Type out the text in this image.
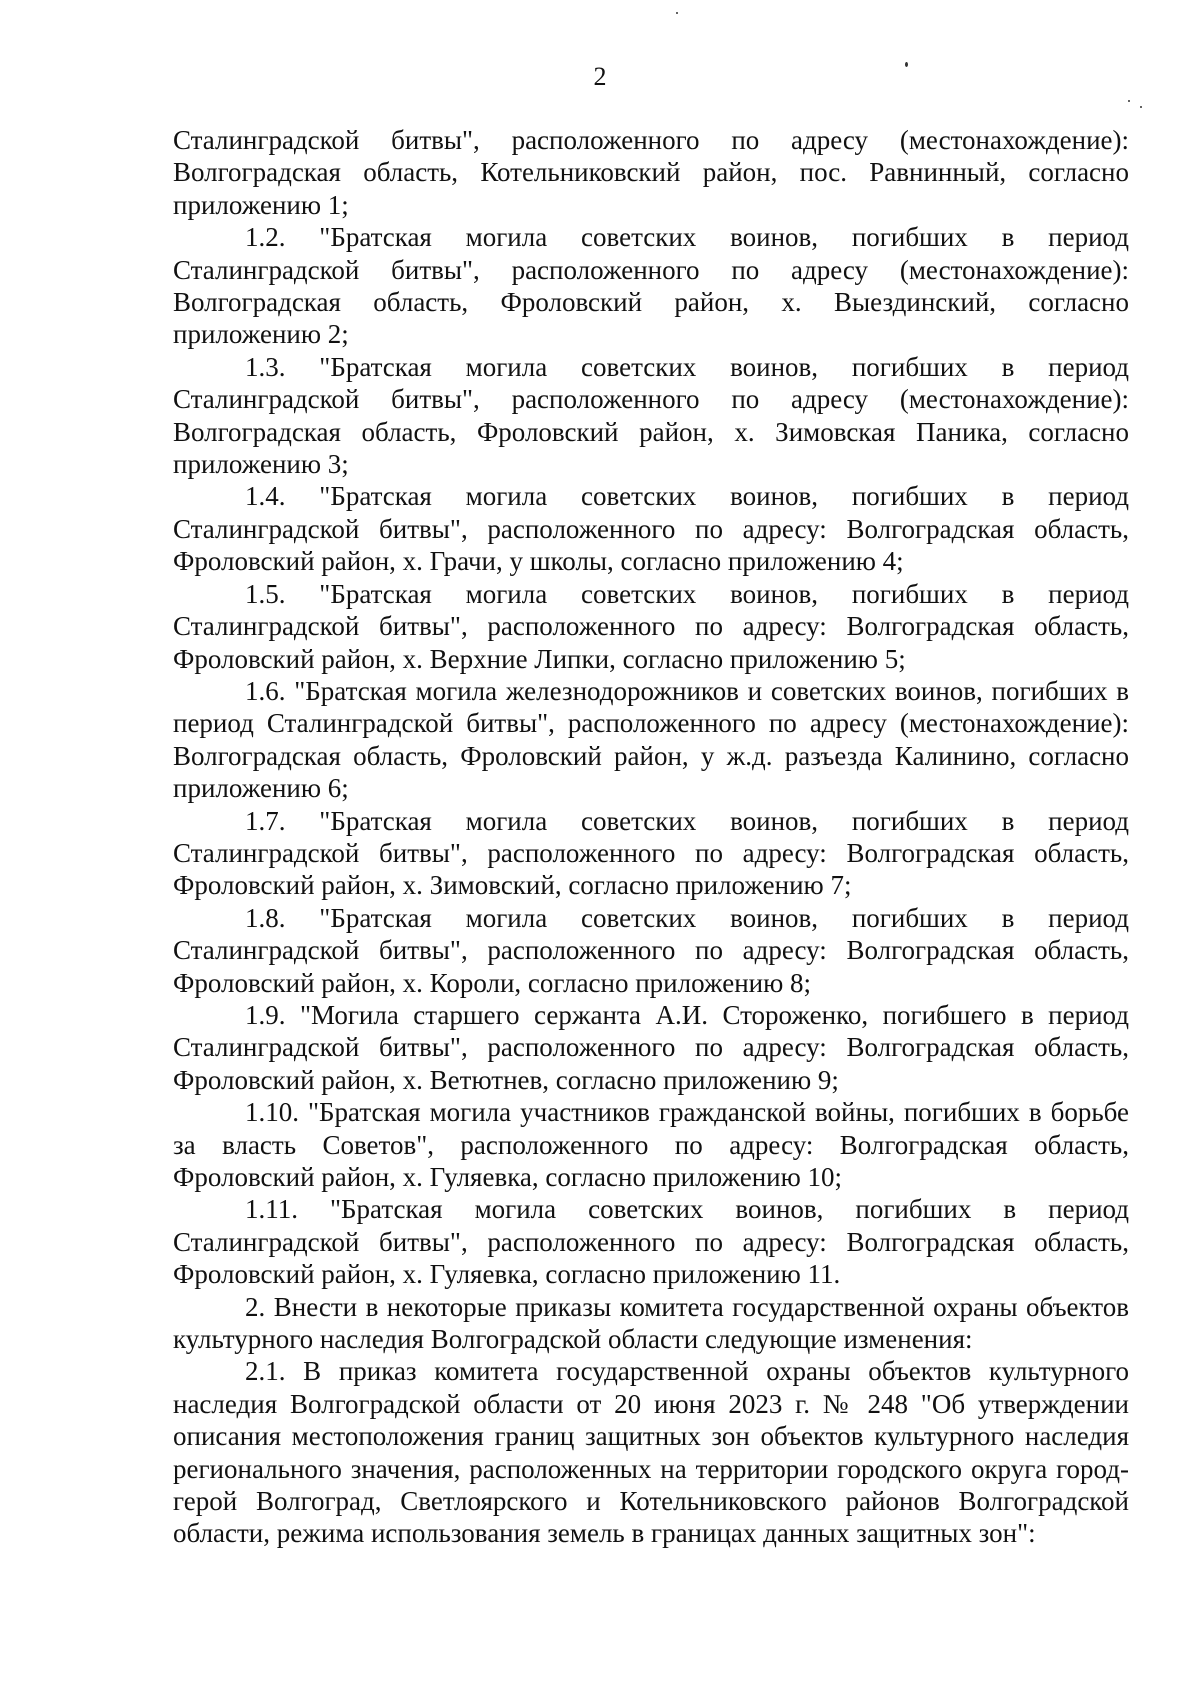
2

Сталинградской битвы", расположенного по адресу (местонахождение): Волгоградская область, Котельниковский район, пос. Равнинный, согласно приложению 1;

1.2. "Братская могила советских воинов, погибших в период Сталинградской битвы", расположенного по адресу (местонахождение): Волгоградская область, Фроловский район, х. Выездинский, согласно приложению 2;

1.3. "Братская могила советских воинов, погибших в период Сталинградской битвы", расположенного по адресу (местонахождение): Волгоградская область, Фроловский район, х. Зимовская Паника, согласно приложению 3;

1.4. "Братская могила советских воинов, погибших в период Сталинградской битвы", расположенного по адресу: Волгоградская область, Фроловский район, х. Грачи, у школы, согласно приложению 4;

1.5. "Братская могила советских воинов, погибших в период Сталинградской битвы", расположенного по адресу: Волгоградская область, Фроловский район, х. Верхние Липки, согласно приложению 5;

1.6. "Братская могила железнодорожников и советских воинов, погибших в период Сталинградской битвы", расположенного по адресу (местонахождение): Волгоградская область, Фроловский район, у ж.д. разъезда Калинино, согласно приложению 6;

1.7. "Братская могила советских воинов, погибших в период Сталинградской битвы", расположенного по адресу: Волгоградская область, Фроловский район, х. Зимовский, согласно приложению 7;

1.8. "Братская могила советских воинов, погибших в период Сталинградской битвы", расположенного по адресу: Волгоградская область, Фроловский район, х. Короли, согласно приложению 8;

1.9. "Могила старшего сержанта А.И. Стороженко, погибшего в период Сталинградской битвы", расположенного по адресу: Волгоградская область, Фроловский район, х. Ветютнев, согласно приложению 9;

1.10. "Братская могила участников гражданской войны, погибших в борьбе за власть Советов", расположенного по адресу: Волгоградская область, Фроловский район, х. Гуляевка, согласно приложению 10;

1.11. "Братская могила советских воинов, погибших в период Сталинградской битвы", расположенного по адресу: Волгоградская область, Фроловский район, х. Гуляевка, согласно приложению 11.

2. Внести в некоторые приказы комитета государственной охраны объектов культурного наследия Волгоградской области следующие изменения:

2.1. В приказ комитета государственной охраны объектов культурного наследия Волгоградской области от 20 июня 2023 г. № 248 "Об утверждении описания местоположения границ защитных зон объектов культурного наследия регионального значения, расположенных на территории городского округа город-герой Волгоград, Светлоярского и Котельниковского районов Волгоградской области, режима использования земель в границах данных защитных зон":
